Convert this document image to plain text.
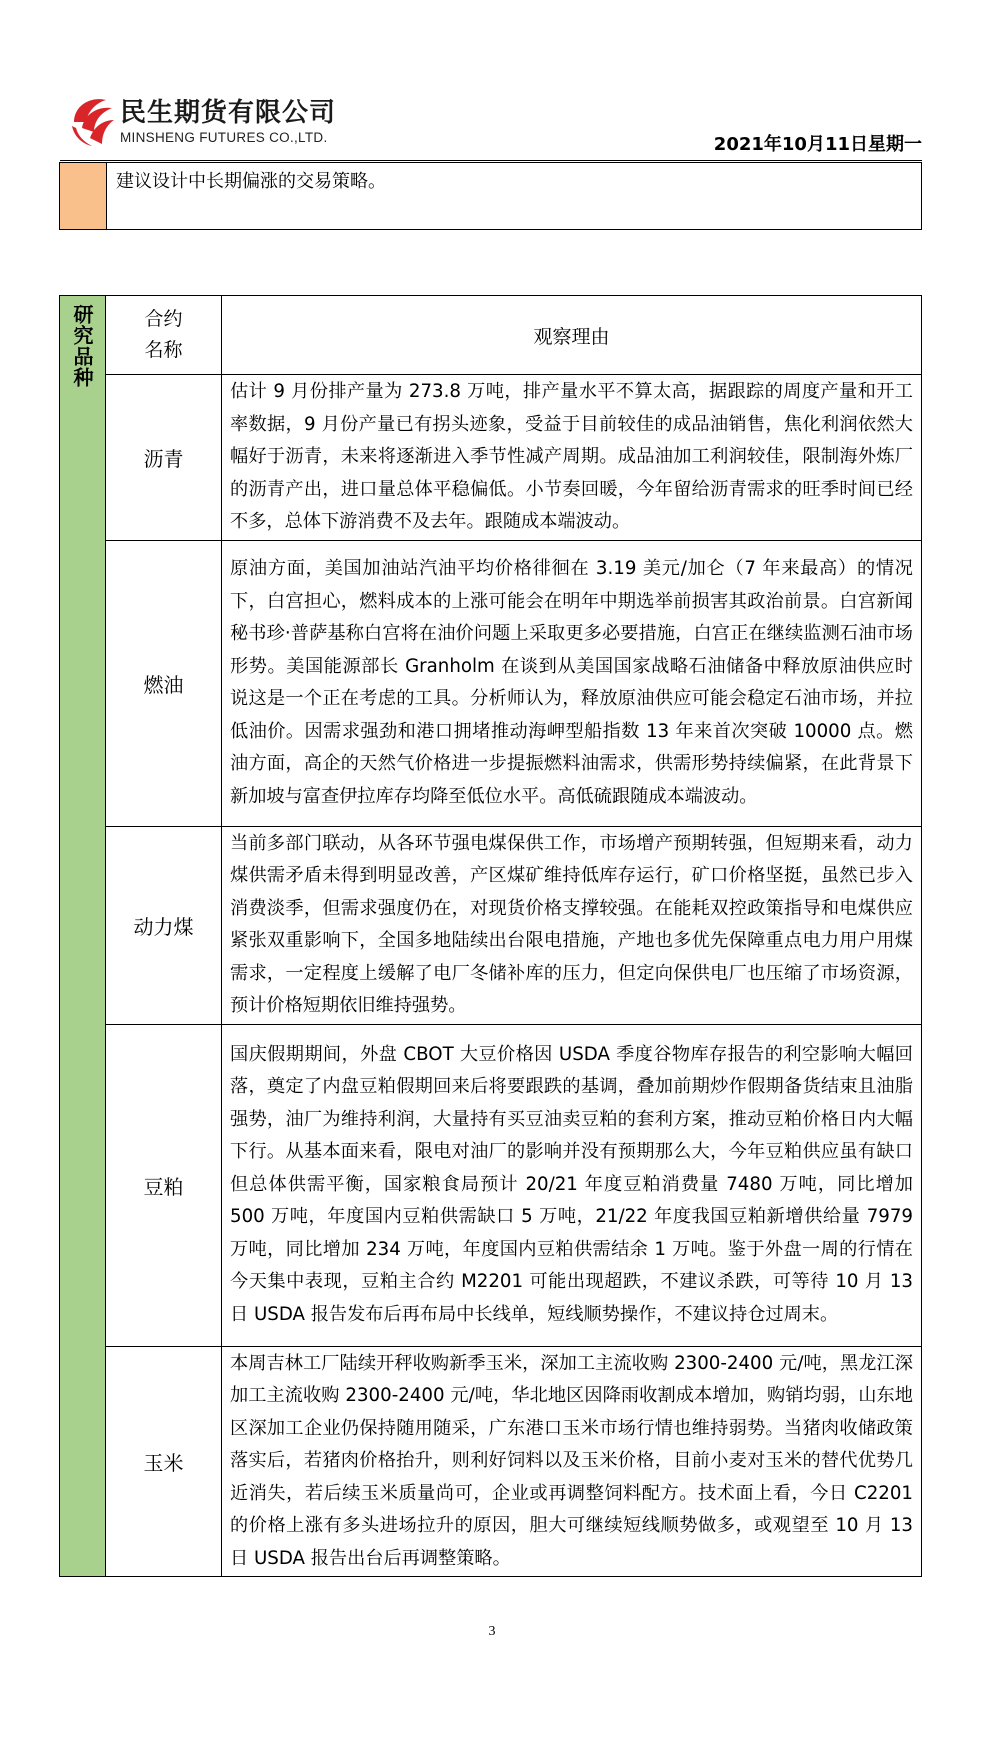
民生期货有限公司
MINSHENG FUTURES CO.,LTD.	2021年10月11日星期一
建议设计中长期偏涨的交易策略。
研究品种	合约名称	观察理由
	沥青	估计 9 月份排产量为 273.8 万吨，排产量水平不算太高，据跟踪的周度产量和开工率数据，9 月份产量已有拐头迹象，受益于目前较佳的成品油销售，焦化利润依然大幅好于沥青，未来将逐渐进入季节性减产周期。成品油加工利润较佳，限制海外炼厂的沥青产出，进口量总体平稳偏低。小节奏回暖，今年留给沥青需求的旺季时间已经不多，总体下游消费不及去年。跟随成本端波动。
	燃油	原油方面，美国加油站汽油平均价格徘徊在 3.19 美元/加仑（7 年来最高）的情况下，白宫担心，燃料成本的上涨可能会在明年中期选举前损害其政治前景。白宫新闻秘书珍·普萨基称白宫将在油价问题上采取更多必要措施，白宫正在继续监测石油市场形势。美国能源部长 Granholm 在谈到从美国国家战略石油储备中释放原油供应时说这是一个正在考虑的工具。分析师认为，释放原油供应可能会稳定石油市场，并拉低油价。因需求强劲和港口拥堵推动海岬型船指数 13 年来首次突破 10000 点。燃油方面，高企的天然气价格进一步提振燃料油需求，供需形势持续偏紧，在此背景下新加坡与富查伊拉库存均降至低位水平。高低硫跟随成本端波动。
	动力煤	当前多部门联动，从各环节强电煤保供工作，市场增产预期转强，但短期来看，动力煤供需矛盾未得到明显改善，产区煤矿维持低库存运行，矿口价格坚挺，虽然已步入消费淡季，但需求强度仍在，对现货价格支撑较强。在能耗双控政策指导和电煤供应紧张双重影响下，全国多地陆续出台限电措施，产地也多优先保障重点电力用户用煤需求，一定程度上缓解了电厂冬储补库的压力，但定向保供电厂也压缩了市场资源，预计价格短期依旧维持强势。
	豆粕	国庆假期期间，外盘 CBOT 大豆价格因 USDA 季度谷物库存报告的利空影响大幅回落，奠定了内盘豆粕假期回来后将要跟跌的基调，叠加前期炒作假期备货结束且油脂强势，油厂为维持利润，大量持有买豆油卖豆粕的套利方案，推动豆粕价格日内大幅下行。从基本面来看，限电对油厂的影响并没有预期那么大，今年豆粕供应虽有缺口但总体供需平衡，国家粮食局预计 20/21 年度豆粕消费量 7480 万吨，同比增加 500 万吨，年度国内豆粕供需缺口 5 万吨，21/22 年度我国豆粕新增供给量 7979 万吨，同比增加 234 万吨，年度国内豆粕供需结余 1 万吨。鉴于外盘一周的行情在今天集中表现，豆粕主合约 M2201 可能出现超跌，不建议杀跌，可等待 10 月 13 日 USDA 报告发布后再布局中长线单，短线顺势操作，不建议持仓过周末。
	玉米	本周吉林工厂陆续开秤收购新季玉米，深加工主流收购 2300-2400 元/吨，黑龙江深加工主流收购 2300-2400 元/吨，华北地区因降雨收割成本增加，购销均弱，山东地区深加工企业仍保持随用随采，广东港口玉米市场行情也维持弱势。当猪肉收储政策落实后，若猪肉价格抬升，则利好饲料以及玉米价格，目前小麦对玉米的替代优势几近消失，若后续玉米质量尚可，企业或再调整饲料配方。技术面上看，今日 C2201 的价格上涨有多头进场拉升的原因，胆大可继续短线顺势做多，或观望至 10 月 13 日 USDA 报告出台后再调整策略。
3
